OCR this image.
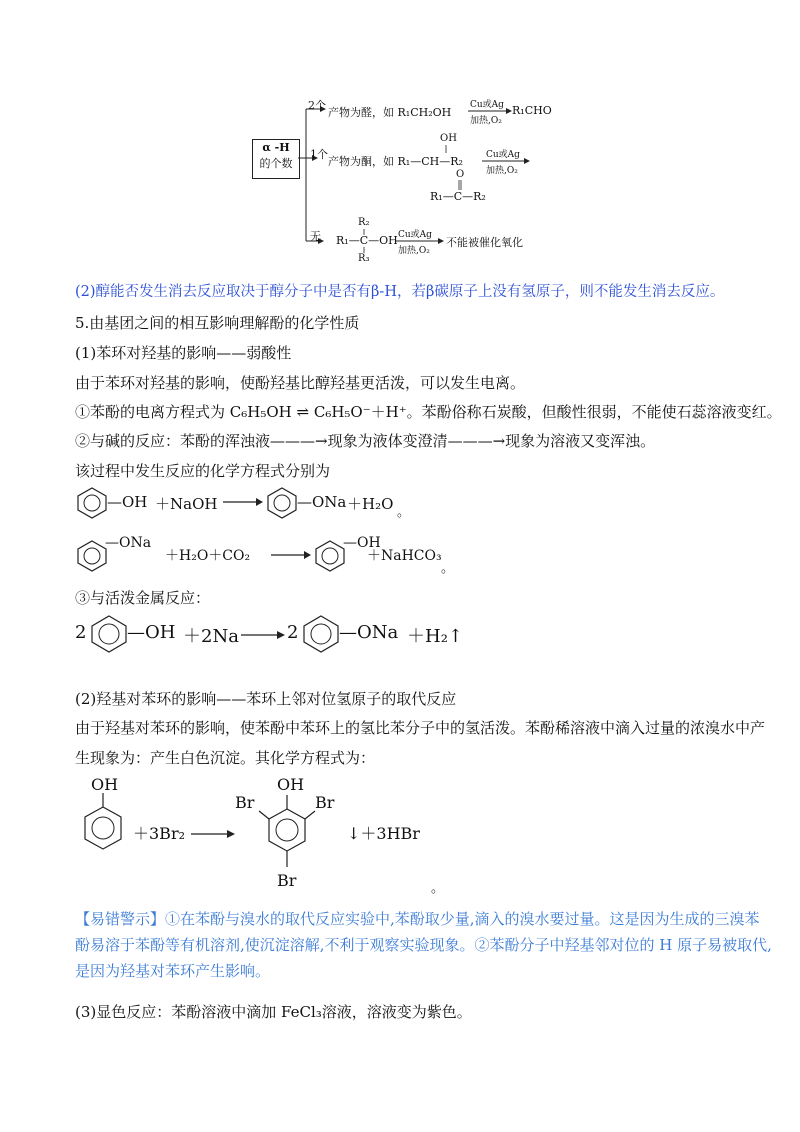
α -H
的个数
2个
产物为醛，如 R₁CH₂OH
Cu或Ag
加热,O₂
R₁CHO
1个
OH
产物为酮，如 R₁—CH—R₂	Cu或Ag
加热,O₂
O
R₁—C—R₂
无
R₂
R₁—C—OH
R₃
Cu或Ag
加热,O₂
不能被催化氧化
(2)醇能否发生消去反应取决于醇分子中是否有β-H，若β碳原子上没有氢原子，则不能发生消去反应。
5.由基团之间的相互影响理解酚的化学性质
(1)苯环对羟基的影响——弱酸性
由于苯环对羟基的影响，使酚羟基比醇羟基更活泼，可以发生电离。
①苯酚的电离方程式为 C₆H₅OH ⇌ C₆H₅O⁻＋H⁺。苯酚俗称石炭酸，但酸性很弱，不能使石蕊溶液变红。
②与碱的反应：苯酚的浑浊液———→现象为液体变澄清———→现象为溶液又变浑浊。
该过程中发生反应的化学方程式分别为
—OH ＋NaOH → —ONa ＋H₂O 。
—ONa
＋H₂O＋CO₂ →
—OH
＋NaHCO₃
。
③与活泼金属反应：
2 —OH ＋2Na → 2 —ONa ＋H₂↑
(2)羟基对苯环的影响——苯环上邻对位氢原子的取代反应
由于羟基对苯环的影响，使苯酚中苯环上的氢比苯分子中的氢活泼。苯酚稀溶液中滴入过量的浓溴水中产
生现象为：产生白色沉淀。其化学方程式为：
OH
＋3Br₂ →
OH
Br	Br
Br
↓＋3HBr
。
【易错警示】①在苯酚与溴水的取代反应实验中,苯酚取少量,滴入的溴水要过量。这是因为生成的三溴苯
酚易溶于苯酚等有机溶剂,使沉淀溶解,不利于观察实验现象。②苯酚分子中羟基邻对位的 H 原子易被取代,
是因为羟基对苯环产生影响。
(3)显色反应：苯酚溶液中滴加 FeCl₃溶液，溶液变为紫色。
